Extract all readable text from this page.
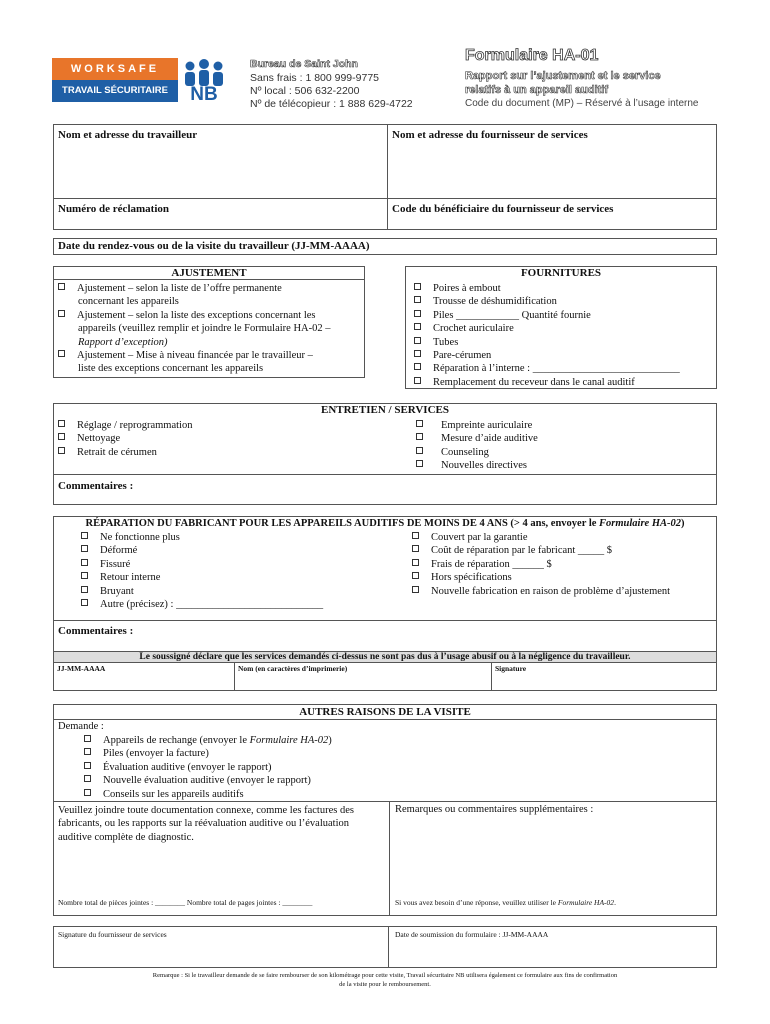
WORKSAFE
TRAVAIL SÉCURITAIRE	NB
Bureau de Saint John
Sans frais : 1 800 999-9775
Nº local : 506 632-2200
Nº de télécopieur : 1 888 629-4722
Formulaire HA-01
Rapport sur l’ajustement et le service
relatifs à un appareil auditif
Code du document (MP) – Réservé à l’usage interne
Nom et adresse du travailleur	Nom et adresse du fournisseur de services
Numéro de réclamation	Code du bénéficiaire du fournisseur de services
Date du rendez-vous ou de la visite du travailleur (JJ-MM-AAAA)
AJUSTEMENT
Ajustement – selon la liste de l’offre permanente
concernant les appareils
Ajustement – selon la liste des exceptions concernant les
appareils (veuillez remplir et joindre le Formulaire HA-02 –
Rapport d’exception)
Ajustement – Mise à niveau financée par le travailleur –
liste des exceptions concernant les appareils
FOURNITURES
Poires à embout
Trousse de déshumidification
Piles ____________ Quantité fournie
Crochet auriculaire
Tubes
Pare-cérumen
Réparation à l’interne : ____________________________
Remplacement du receveur dans le canal auditif
ENTRETIEN / SERVICES
Réglage / reprogrammation
Nettoyage
Retrait de cérumen
Empreinte auriculaire
Mesure d’aide auditive
Counseling
Nouvelles directives
Commentaires :
RÉPARATION DU FABRICANT POUR LES APPAREILS AUDITIFS DE MOINS DE 4 ANS (> 4 ans, envoyer le Formulaire HA-02)
Ne fonctionne plus
Déformé
Fissuré
Retour interne
Bruyant
Autre (précisez) : ____________________________
Couvert par la garantie
Coût de réparation par le fabricant _____ $
Frais de réparation ______ $
Hors spécifications
Nouvelle fabrication en raison de problème d’ajustement
Commentaires :
Le soussigné déclare que les services demandés ci-dessus ne sont pas dus à l’usage abusif ou à la négligence du travailleur.
JJ-MM-AAAA	Nom (en caractères d’imprimerie)	Signature
AUTRES RAISONS DE LA VISITE
Demande :
Appareils de rechange (envoyer le Formulaire HA-02)
Piles (envoyer la facture)
Évaluation auditive (envoyer le rapport)
Nouvelle évaluation auditive (envoyer le rapport)
Conseils sur les appareils auditifs
Veuillez joindre toute documentation connexe, comme les factures des
fabricants, ou les rapports sur la réévaluation auditive ou l’évaluation
auditive complète de diagnostic.
Remarques ou commentaires supplémentaires :
Nombre total de pièces jointes : ________ Nombre total de pages jointes : ________	Si vous avez besoin d’une réponse, veuillez utiliser le Formulaire HA-02.
Signature du fournisseur de services	Date de soumission du formulaire : JJ-MM-AAAA
Remarque : Si le travailleur demande de se faire rembourser de son kilométrage pour cette visite, Travail sécuritaire NB utilisera également ce formulaire aux fins de confirmation
de la visite pour le remboursement.
